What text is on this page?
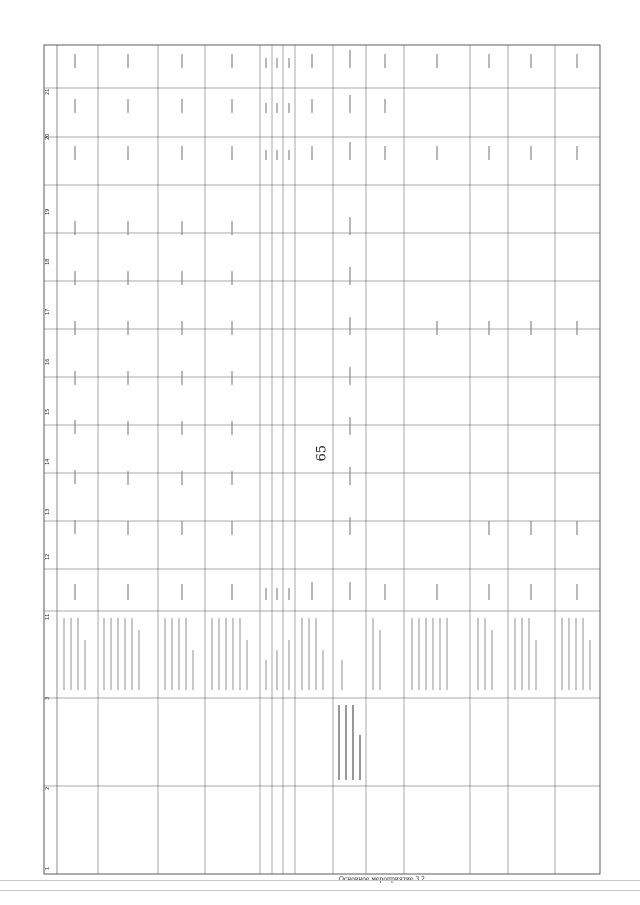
65
1
2
3
11
12
13
14
15
16
17
18
19
20
21
